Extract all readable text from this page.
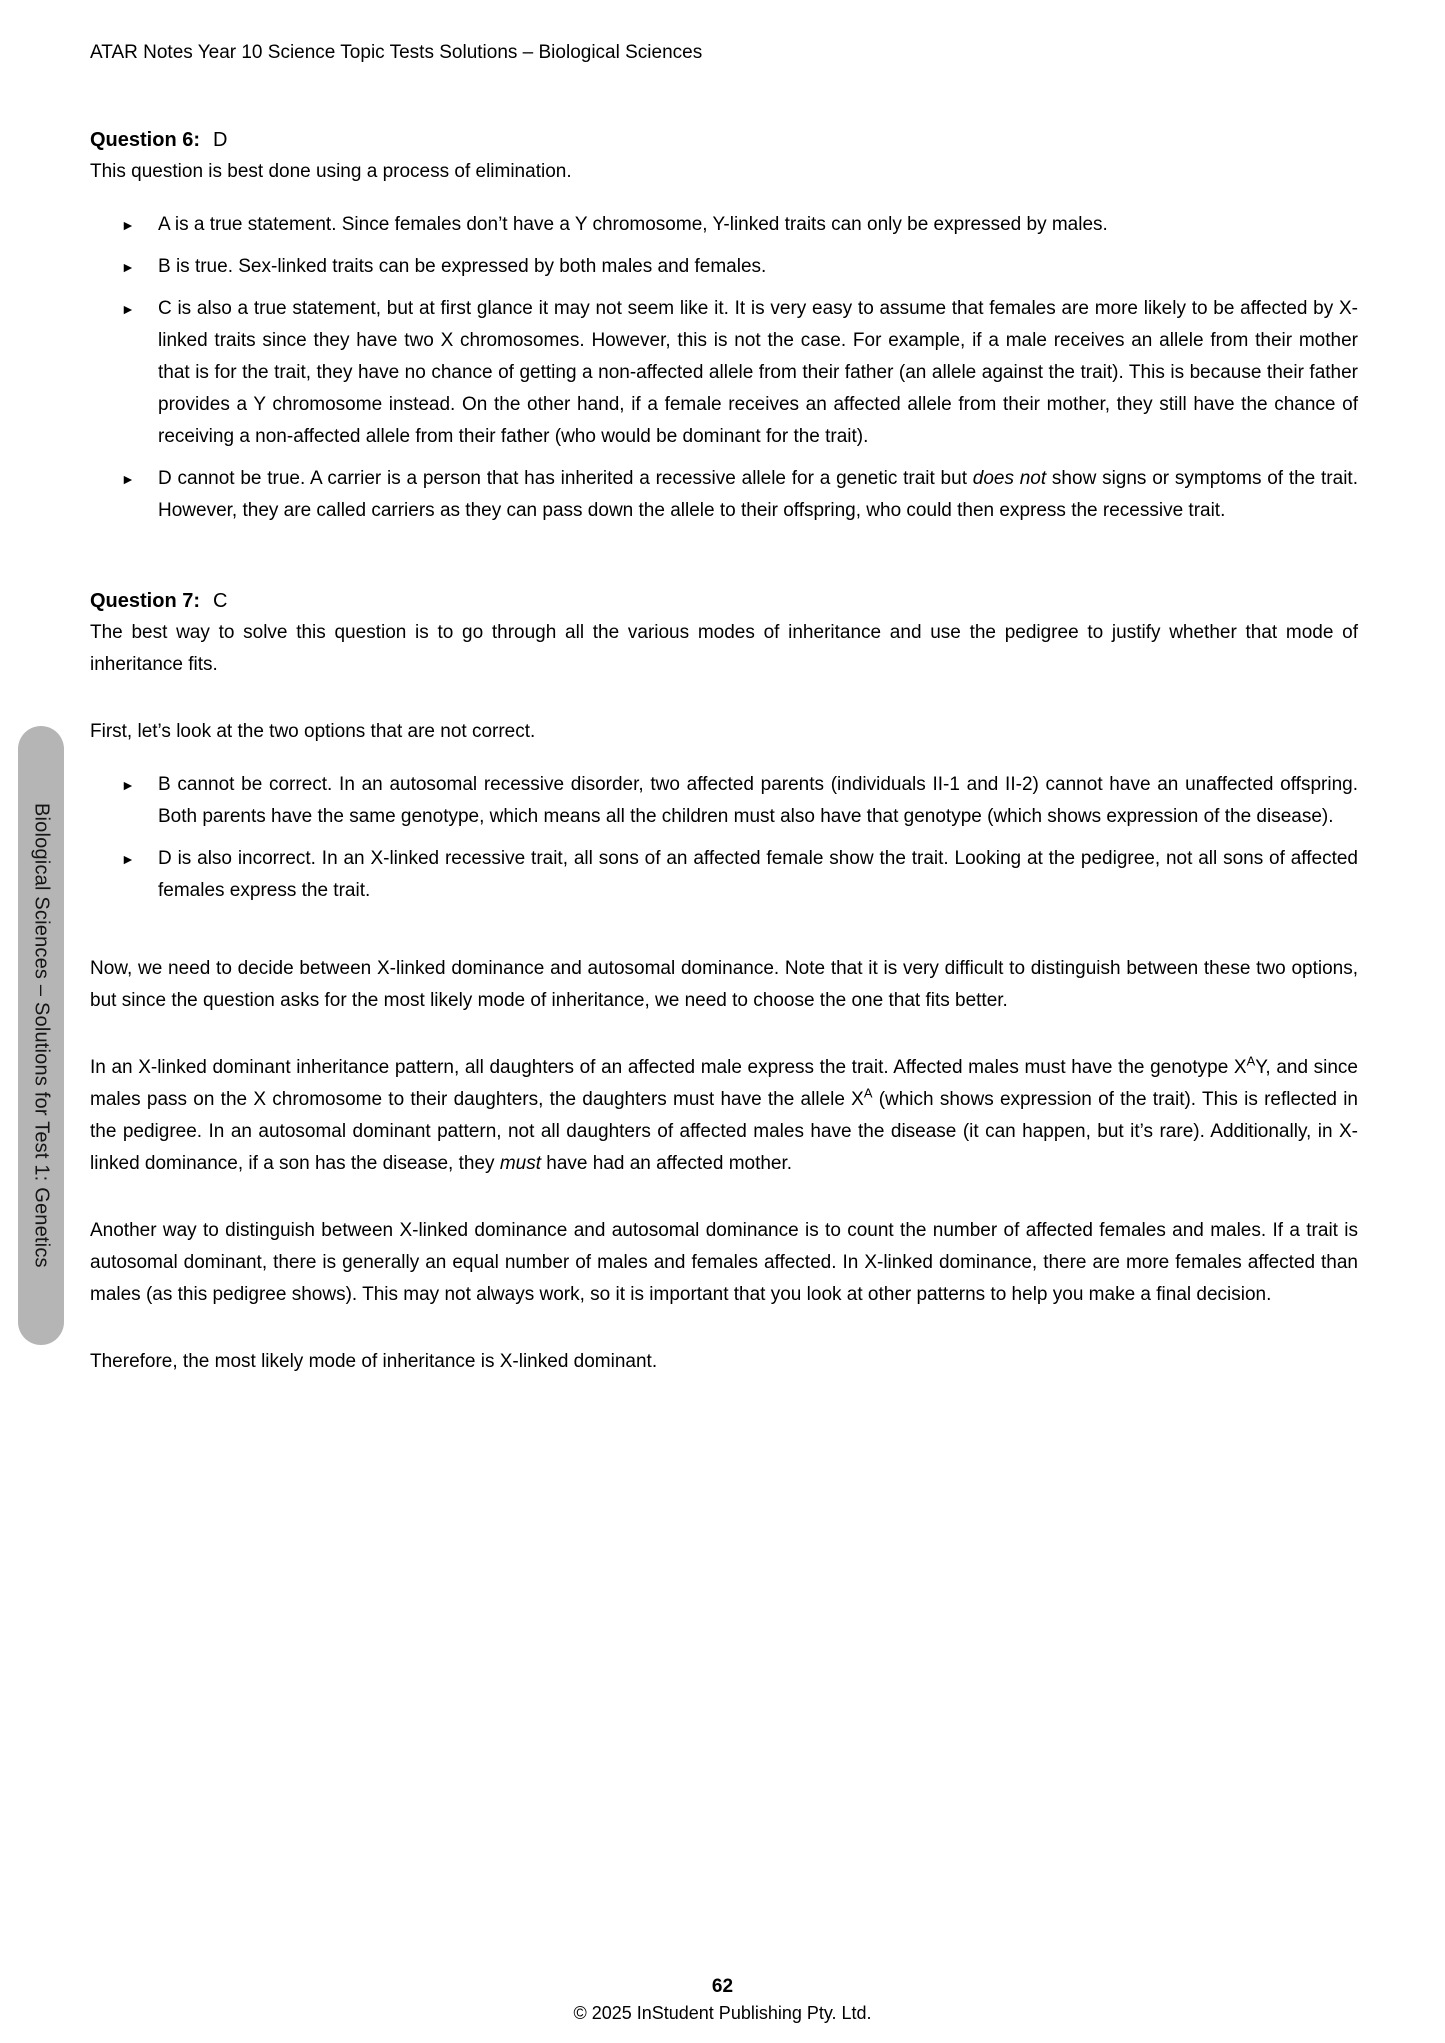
Biological Sciences – Solutions for Test 1: Genetics
ATAR Notes Year 10 Science Topic Tests Solutions – Biological Sciences
Question 6: D

This question is best done using a process of elimination.

►	A is a true statement. Since females don’t have a Y chromosome, Y-linked traits can only be expressed by males.
►	B is true. Sex-linked traits can be expressed by both males and females.
►	C is also a true statement, but at first glance it may not seem like it. It is very easy to assume that females are more likely to be affected by X-linked traits since they have two X chromosomes. However, this is not the case. For example, if a male receives an allele from their mother that is for the trait, they have no chance of getting a non-affected allele from their father (an allele against the trait). This is because their father provides a Y chromosome instead. On the other hand, if a female receives an affected allele from their mother, they still have the chance of receiving a non-affected allele from their father (who would be dominant for the trait).
►	D cannot be true. A carrier is a person that has inherited a recessive allele for a genetic trait but does not show signs or symptoms of the trait. However, they are called carriers as they can pass down the allele to their offspring, who could then express the recessive trait.
Question 7: C

The best way to solve this question is to go through all the various modes of inheritance and use the pedigree to justify whether that mode of inheritance fits.

First, let’s look at the two options that are not correct.

►	B cannot be correct. In an autosomal recessive disorder, two affected parents (individuals II-1 and II-2) cannot have an unaffected offspring. Both parents have the same genotype, which means all the children must also have that genotype (which shows expression of the disease).
►	D is also incorrect. In an X-linked recessive trait, all sons of an affected female show the trait. Looking at the pedigree, not all sons of affected females express the trait.

Now, we need to decide between X-linked dominance and autosomal dominance. Note that it is very difficult to distinguish between these two options, but since the question asks for the most likely mode of inheritance, we need to choose the one that fits better.

In an X-linked dominant inheritance pattern, all daughters of an affected male express the trait. Affected males must have the genotype $X^AY$, and since males pass on the X chromosome to their daughters, the daughters must have the allele $X^A$ (which shows expression of the trait). This is reflected in the pedigree. In an autosomal dominant pattern, not all daughters of affected males have the disease (it can happen, but it’s rare). Additionally, in X-linked dominance, if a son has the disease, they must have had an affected mother.

Another way to distinguish between X-linked dominance and autosomal dominance is to count the number of affected females and males. If a trait is autosomal dominant, there is generally an equal number of males and females affected. In X-linked dominance, there are more females affected than males (as this pedigree shows). This may not always work, so it is important that you look at other patterns to help you make a final decision.

Therefore, the most likely mode of inheritance is X-linked dominant.

62
© 2025 InStudent Publishing Pty. Ltd.
